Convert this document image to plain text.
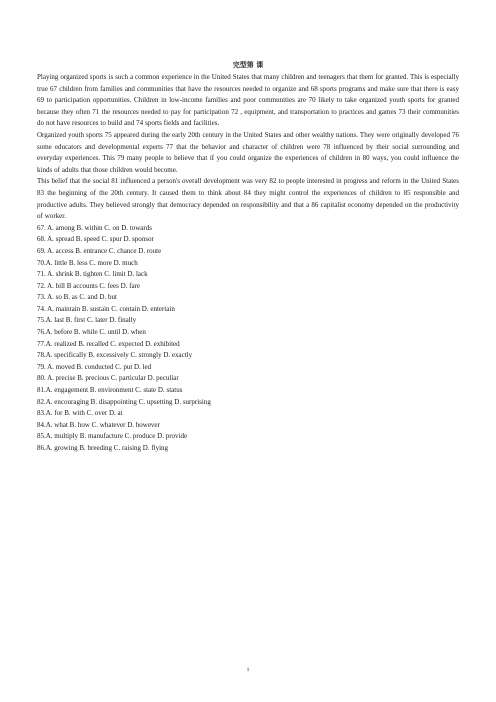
完型第 课

Playing organized sports is such a common experience in the United States that many children and teenagers that them for granted. This is especially true 67 children from families and communities that have the resources needed to organize and 68 sports programs and make sure that there is easy 69 to participation opportunities. Children in low-income families and poor communities are 70 likely to take organized youth sports for granted because they often 71 the resources needed to pay for participation 72 , equipment, and transportation to practices and games 73 their communities do not have resources to build and 74 sports fields and facilities.

Organized youth sports 75 appeared during the early 20th century in the United States and other wealthy nations. They were originally developed 76 some educators and developmental experts 77 that the behavior and character of children were 78 influenced by their social surrounding and everyday experiences. This 79 many people to believe that if you could organize the experiences of children in 80 ways, you could influence the kinds of adults that those children would become.

This belief that the social 81 influenced a person's overall development was very 82 to people interested in progress and reform in the United States 83 the beginning of the 20th century. It caused them to think about 84 they might control the experiences of children to 85 responsible and productive adults. They believed strongly that democracy depended on responsibility and that a 86 capitalist economy depended on the productivity of worker.

67. A. among B. within C. on D. towards
68. A. spread B. speed C. spur D. sponsor
69. A. access B. entrance C. chance D. route
70.A. little B. less C. more D. much
71. A. shrink B. tighten C. limit D. lack
72. A. bill B accounts C. fees D. fare
73. A. so B. as C. and D. but
74. A. maintain B. sustain C. contain D. entertain
75.A. last B. first C. later D. finally
76.A. before B. while C. until D. when
77.A. realized B. recalled C. expected D. exhibited
78.A. specifically B. excessively C. strongly D. exactly
79. A. moved B. conducted C. put D. led
80. A. precise B. precious C. particular D. peculiar
81.A. engagement B. environment C. state D. status
82.A. encouraging B. disappointing C. upsetting D. surprising
83.A. for B. with C. over D. at
84.A. what B. how C. whatever D. however
85.A. multiply B. manufacture C. produce D. provide
86.A. growing B. breeding C. raising D. flying
1
